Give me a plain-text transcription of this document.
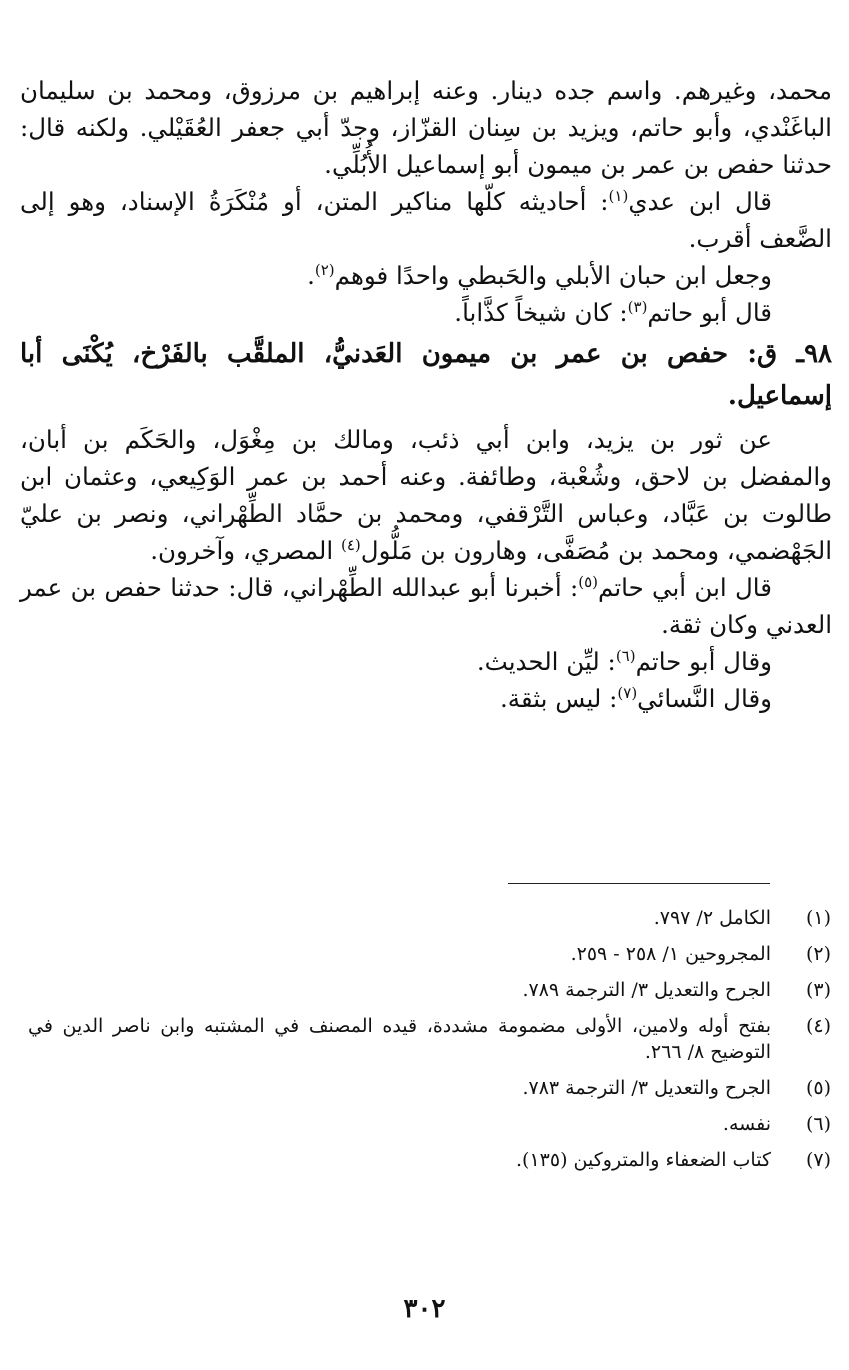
محمد، وغيرهم. واسم جده دينار. وعنه إبراهيم بن مرزوق، ومحمد بن سليمان الباغَنْدي، وأبو حاتم، ويزيد بن سِنان القزّاز، وجدّ أبي جعفر العُقَيْلي. ولكنه قال: حدثنا حفص بن عمر بن ميمون أبو إسماعيل الأُبُلِّي.

قال ابن عدي$^{(١)}$: أحاديثه كلّها مناكير المتن، أو مُنْكَرَةُ الإسناد، وهو إلى الضَّعف أقرب.

وجعل ابن حبان الأبلي والحَبطي واحدًا فوهم$^{(٢)}$.

قال أبو حاتم$^{(٣)}$: كان شيخاً كذَّاباً.

٩٨ـ ق: حفص بن عمر بن ميمون العَدنيُّ، الملقَّب بالفَرْخ، يُكْنَى أبا إسماعيل.

عن ثور بن يزيد، وابن أبي ذئب، ومالك بن مِغْوَل، والحَكَم بن أبان، والمفضل بن لاحق، وشُعْبة، وطائفة. وعنه أحمد بن عمر الوَكِيعي، وعثمان ابن طالوت بن عَبَّاد، وعباس التَّرْقفي، ومحمد بن حمَّاد الطِّهْراني، ونصر بن عليّ الجَهْضمي، ومحمد بن مُصَفَّى، وهارون بن مَلُّول$^{(٤)}$ المصري، وآخرون.

قال ابن أبي حاتم$^{(٥)}$: أخبرنا أبو عبدالله الطِّهْراني، قال: حدثنا حفص بن عمر العدني وكان ثقة.

وقال أبو حاتم$^{(٦)}$: ليِّن الحديث.

وقال النَّسائي$^{(٧)}$: ليس بثقة.

(١)
الكامل ٢/ ٧٩٧.
(٢)
المجروحين ١/ ٢٥٨ - ٢٥٩.
(٣)
الجرح والتعديل ٣/ الترجمة ٧٨٩.
(٤)
بفتح أوله ولامين، الأولى مضمومة مشددة، قيده المصنف في المشتبه وابن ناصر الدين في التوضيح ٨/ ٢٦٦.
(٥)
الجرح والتعديل ٣/ الترجمة ٧٨٣.
(٦)
نفسه.
(٧)
كتاب الضعفاء والمتروكين (١٣٥).
٣٠٢
